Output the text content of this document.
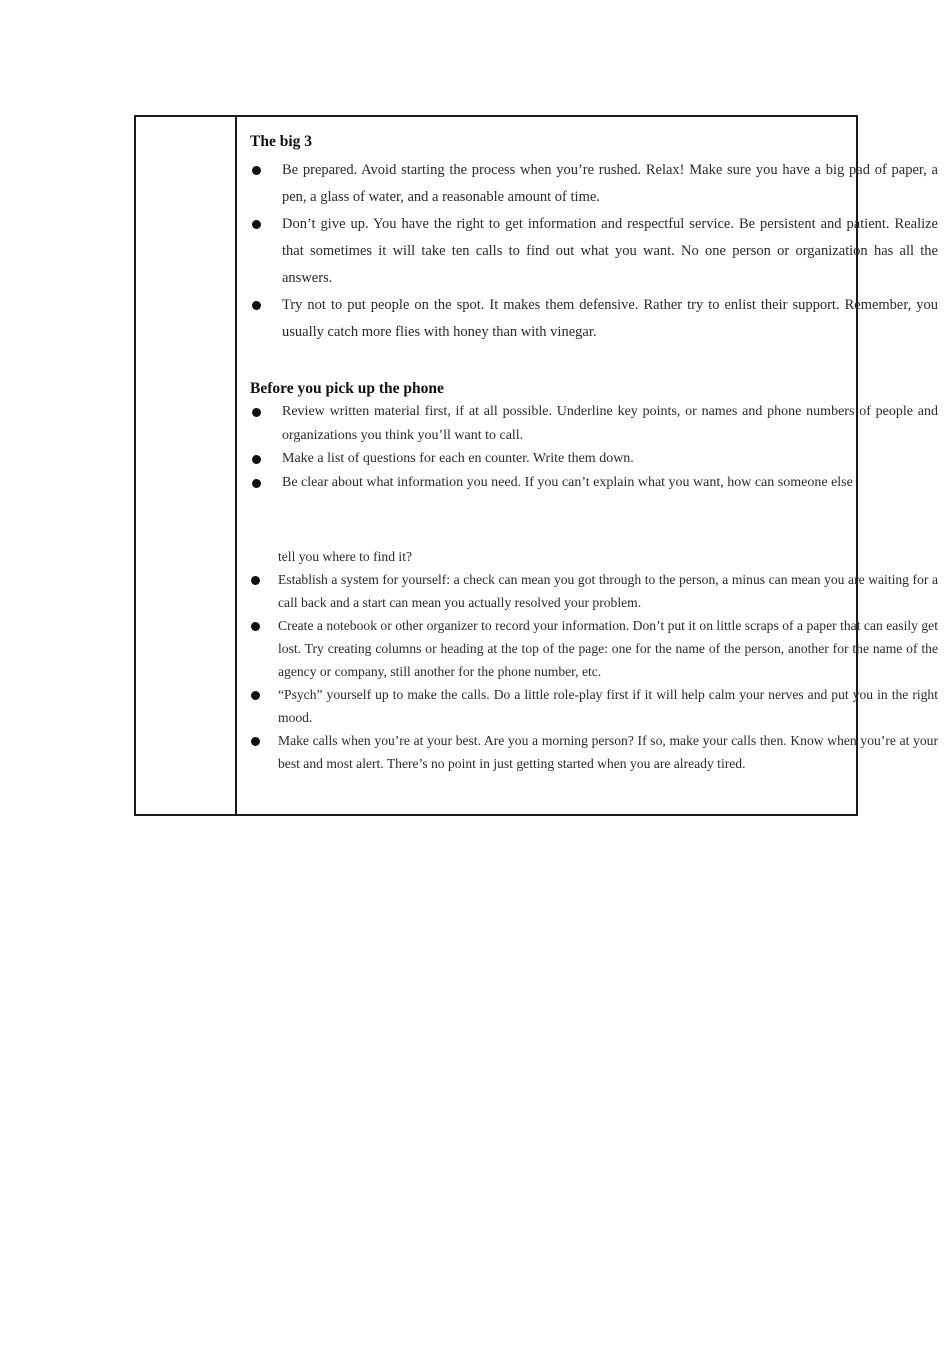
The big 3

Be prepared. Avoid starting the process when you’re rushed. Relax! Make sure you have a big pad of paper, a pen, a glass of water, and a reasonable amount of time.
Don’t give up. You have the right to get information and respectful service. Be persistent and patient. Realize that sometimes it will take ten calls to find out what you want. No one person or organization has all the answers.
Try not to put people on the spot. It makes them defensive. Rather try to enlist their support. Remember, you usually catch more flies with honey than with vinegar.

Before you pick up the phone

Review written material first, if at all possible. Underline key points, or names and phone numbers of people and organizations you think you’ll want to call.
Make a list of questions for each en counter. Write them down.
Be clear about what information you need. If you can’t explain what you want, how can someone else

tell you where to find it?

Establish a system for yourself: a check can mean you got through to the person, a minus can mean you are waiting for a call back and a start can mean you actually resolved your problem.
Create a notebook or other organizer to record your information. Don’t put it on little scraps of a paper that can easily get lost. Try creating columns or heading at the top of the page: one for the name of the person, another for the name of the agency or company, still another for the phone number, etc.
“Psych” yourself up to make the calls. Do a little role-play first if it will help calm your nerves and put you in the right mood.
Make calls when you’re at your best. Are you a morning person? If so, make your calls then. Know when you’re at your best and most alert. There’s no point in just getting started when you are already tired.
